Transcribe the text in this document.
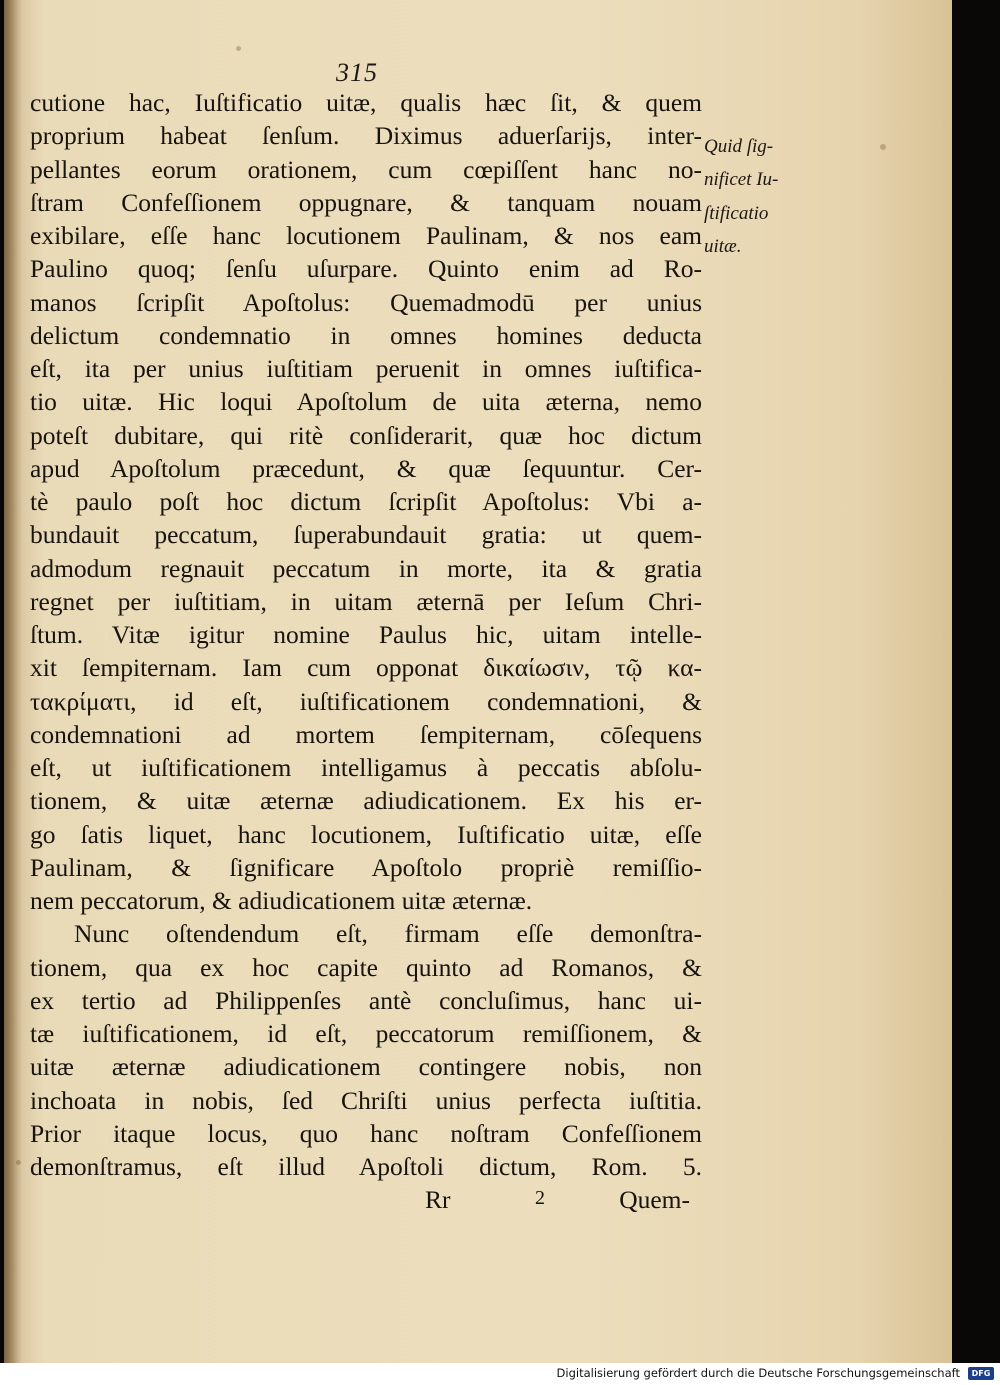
315
cutione hac, Iuſtificatio uitæ, qualis hæc ſit, & quem
proprium habeat ſenſum. Diximus aduerſarijs, inter-
pellantes eorum orationem, cum cœpiſſent hanc no-
ſtram Confeſſionem oppugnare, & tanquam nouam
exibilare, eſſe hanc locutionem Paulinam, & nos eam
Paulino quoq; ſenſu uſurpare. Quinto enim ad Ro-
manos ſcripſit Apoſtolus: Quemadmodū per unius
delictum condemnatio in omnes homines deducta
eſt, ita per unius iuſtitiam peruenit in omnes iuſtifica-
tio uitæ. Hic loqui Apoſtolum de uita æterna, nemo
poteſt dubitare, qui ritè conſiderarit, quæ hoc dictum
apud Apoſtolum præcedunt, & quæ ſequuntur. Cer-
tè paulo poſt hoc dictum ſcripſit Apoſtolus: Vbi a-
bundauit peccatum, ſuperabundauit gratia: ut quem-
admodum regnauit peccatum in morte, ita & gratia
regnet per iuſtitiam, in uitam æternā per Ieſum Chri-
ſtum. Vitæ igitur nomine Paulus hic, uitam intelle-
xit ſempiternam. Iam cum opponat δικαίωσιν, τῷ κα-
τακρίματι, id eſt, iuſtificationem condemnationi, &
condemnationi ad mortem ſempiternam, cōſequens
eſt, ut iuſtificationem intelligamus à peccatis abſolu-
tionem, & uitæ æternæ adiudicationem. Ex his er-
go ſatis liquet, hanc locutionem, Iuſtificatio uitæ, eſſe
Paulinam, & ſignificare Apoſtolo propriè remiſſio-
nem peccatorum, & adiudicationem uitæ æternæ.
Nunc oſtendendum eſt, firmam eſſe demonſtra-
tionem, qua ex hoc capite quinto ad Romanos, &
ex tertio ad Philippenſes antè concluſimus, hanc ui-
tæ iuſtificationem, id eſt, peccatorum remiſſionem, &
uitæ æternæ adiudicationem contingere nobis, non
inchoata in nobis, ſed Chriſti unius perfecta iuſtitia.
Prior itaque locus, quo hanc noſtram Confeſſionem
demonſtramus, eſt illud Apoſtoli dictum, Rom. 5.
Rr	2	Quem-
Quid ſig-
nificet Iu-
ſtificatio
uitæ.
Digitalisierung gefördert durch die Deutsche Forschungsgemeinschaft	DFG
